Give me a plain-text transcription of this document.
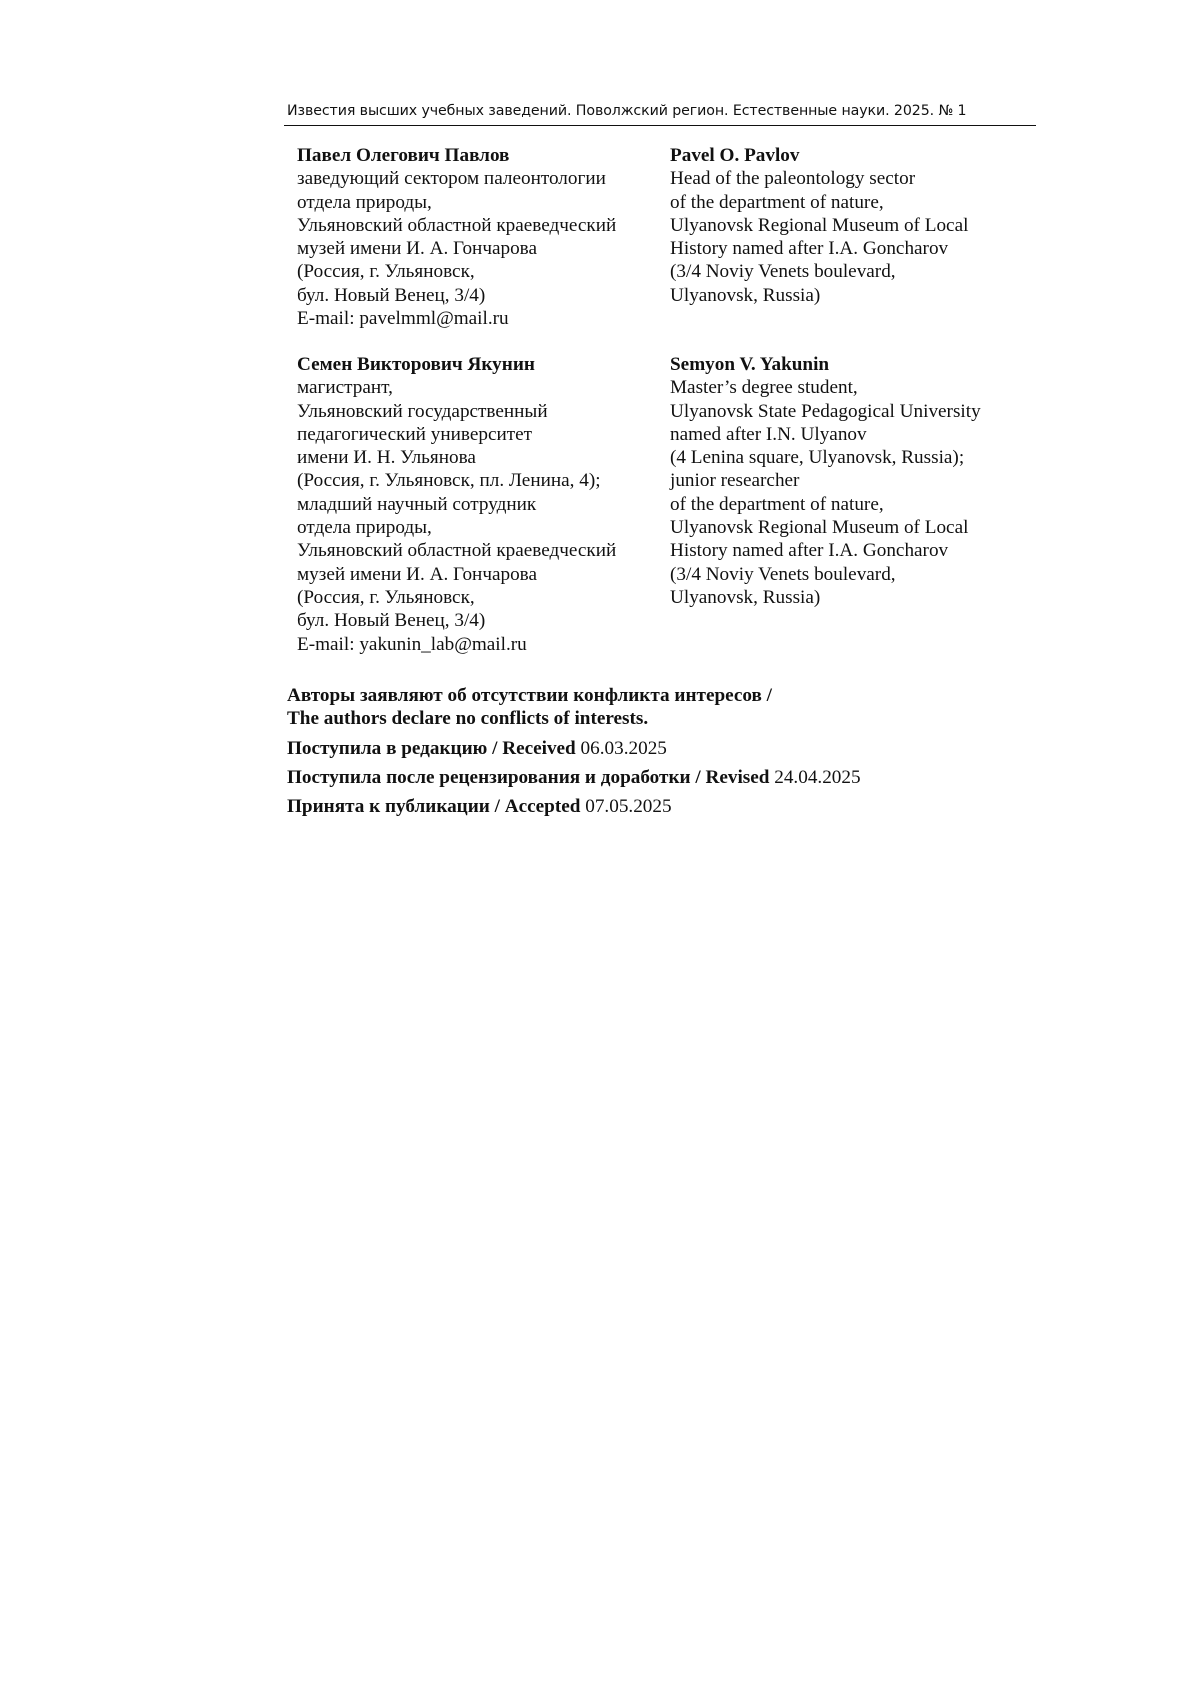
Известия высших учебных заведений. Поволжский регион. Естественные науки. 2025. № 1
Павел Олегович Павлов
заведующий сектором палеонтологии
отдела природы,
Ульяновский областной краеведческий
музей имени И. А. Гончарова
(Россия, г. Ульяновск,
бул. Новый Венец, 3/4)
E-mail: pavelmml@mail.ru
Pavel O. Pavlov
Head of the paleontology sector
of the department of nature,
Ulyanovsk Regional Museum of Local
History named after I.A. Goncharov
(3/4 Noviy Venets boulevard,
Ulyanovsk, Russia)
Семен Викторович Якунин
магистрант,
Ульяновский государственный
педагогический университет
имени И. Н. Ульянова
(Россия, г. Ульяновск, пл. Ленина, 4);
младший научный сотрудник
отдела природы,
Ульяновский областной краеведческий
музей имени И. А. Гончарова
(Россия, г. Ульяновск,
бул. Новый Венец, 3/4)
E-mail: yakunin_lab@mail.ru
Semyon V. Yakunin
Master’s degree student,
Ulyanovsk State Pedagogical University
named after I.N. Ulyanov
(4 Lenina square, Ulyanovsk, Russia);
junior researcher
of the department of nature,
Ulyanovsk Regional Museum of Local
History named after I.A. Goncharov
(3/4 Noviy Venets boulevard,
Ulyanovsk, Russia)

Авторы заявляют об отсутствии конфликта интересов /
The authors declare no conflicts of interests.

Поступила в редакцию / Received 06.03.2025
Поступила после рецензирования и доработки / Revised 24.04.2025
Принята к публикации / Accepted 07.05.2025
